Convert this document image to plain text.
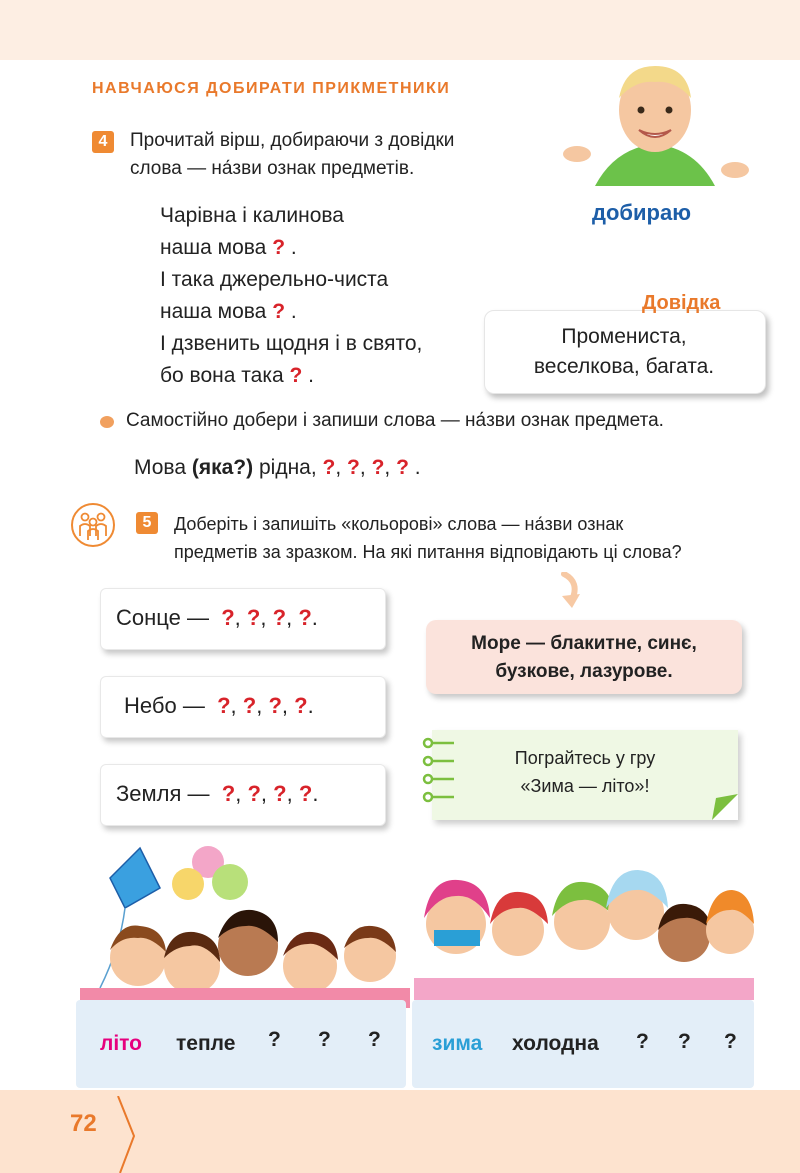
НАВЧАЮСЯ ДОБИРАТИ ПРИКМЕТНИКИ
4	Прочитай вірш, добираючи з довідки
слова — на́зви ознак предметів.
Чарівна і калинова
наша мова ? .
І така джерельно-чиста
наша мова ? .
І дзвенить щодня і в свято,
бо вона така ? .
добираю
Довідка
Промениста,
веселкова, багата.
Самостійно добери і запиши слова — на́зви ознак предмета.
Мова (яка?) рідна, ?, ?, ?, ? .
5	Доберіть і запишіть «кольорові» слова — на́зви ознак
предметів за зразком. На які питання відповідають ці слова?
Сонце — ?, ?, ?, ?.
Небо — ?, ?, ?, ?.
Земля — ?, ?, ?, ?.
Море — блакитне, синє,
бузкове, лазурове.
Пограйтесь у гру
«Зима — літо»!
літо тепле ? ? ? зима холодна ? ? ?
72
